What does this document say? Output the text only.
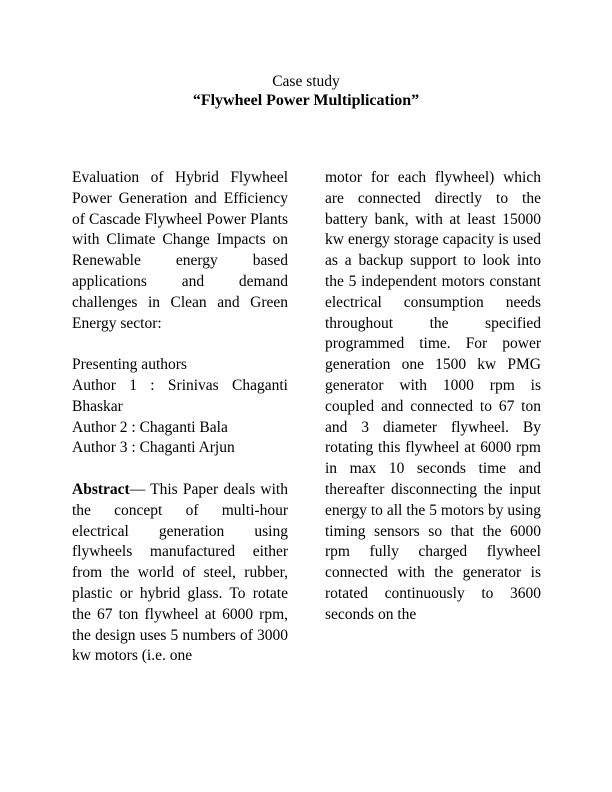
Case study
“Flywheel Power Multiplication”

Evaluation of Hybrid Flywheel Power Generation and Efficiency of Cascade Flywheel Power Plants with Climate Change Impacts on Renewable energy based applications and demand challenges in Clean and Green Energy sector:

Presenting authors
Author 1 : Srinivas Chaganti Bhaskar
Author 2 : Chaganti Bala
Author 3 : Chaganti Arjun

Abstract— This Paper deals with the concept of multi-hour electrical generation using flywheels manufactured either from the world of steel, rubber, plastic or hybrid glass. To rotate the 67 ton flywheel at 6000 rpm, the design uses 5 numbers of 3000 kw motors (i.e. one

motor for each flywheel) which are connected directly to the battery bank, with at least 15000 kw energy storage capacity is used as a backup support to look into the 5 independent motors constant electrical consumption needs throughout the specified programmed time. For power generation one 1500 kw PMG generator with 1000 rpm is coupled and connected to 67 ton and 3 diameter flywheel. By rotating this flywheel at 6000 rpm in max 10 seconds time and thereafter disconnecting the input energy to all the 5 motors by using timing sensors so that the 6000 rpm fully charged flywheel connected with the generator is rotated continuously to 3600 seconds on the
